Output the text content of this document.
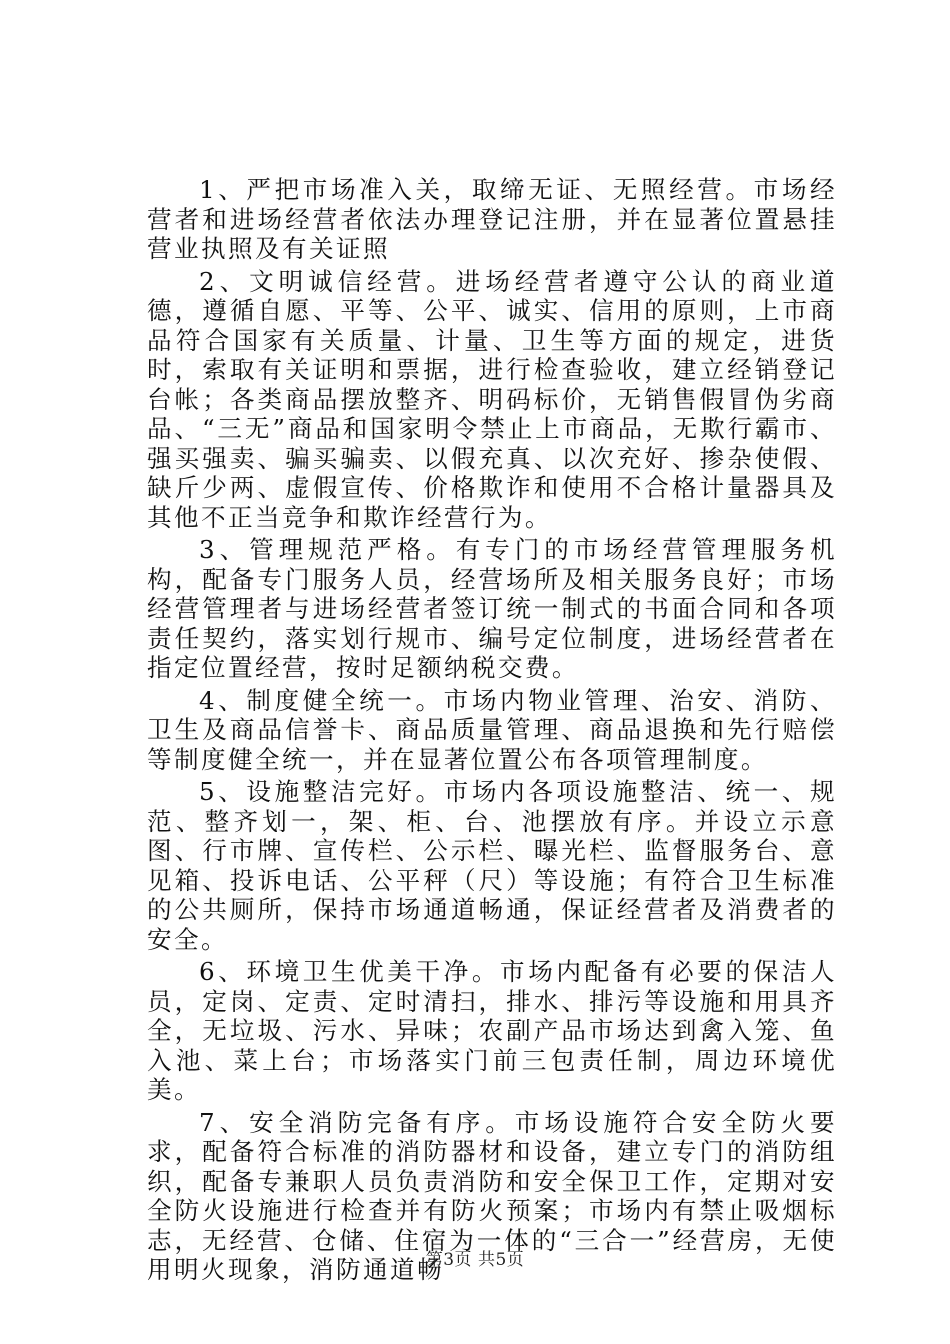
1、严把市场准入关，取缔无证、无照经营。市场经营者和进场经营者依法办理登记注册，并在显著位置悬挂营业执照及有关证照

2、文明诚信经营。进场经营者遵守公认的商业道德，遵循自愿、平等、公平、诚实、信用的原则，上市商品符合国家有关质量、计量、卫生等方面的规定，进货时，索取有关证明和票据，进行检查验收，建立经销登记台帐；各类商品摆放整齐、明码标价，无销售假冒伪劣商品、“三无”商品和国家明令禁止上市商品，无欺行霸市、强买强卖、骗买骗卖、以假充真、以次充好、掺杂使假、缺斤少两、虚假宣传、价格欺诈和使用不合格计量器具及其他不正当竞争和欺诈经营行为。

3、管理规范严格。有专门的市场经营管理服务机构，配备专门服务人员，经营场所及相关服务良好；市场经营管理者与进场经营者签订统一制式的书面合同和各项责任契约，落实划行规市、编号定位制度，进场经营者在指定位置经营，按时足额纳税交费。

4、制度健全统一。市场内物业管理、治安、消防、卫生及商品信誉卡、商品质量管理、商品退换和先行赔偿等制度健全统一，并在显著位置公布各项管理制度。

5、设施整洁完好。市场内各项设施整洁、统一、规范、整齐划一，架、柜、台、池摆放有序。并设立示意图、行市牌、宣传栏、公示栏、曝光栏、监督服务台、意见箱、投诉电话、公平秤（尺）等设施；有符合卫生标准的公共厕所，保持市场通道畅通，保证经营者及消费者的安全。

6、环境卫生优美干净。市场内配备有必要的保洁人员，定岗、定责、定时清扫，排水、排污等设施和用具齐全，无垃圾、污水、异味；农副产品市场达到禽入笼、鱼入池、菜上台；市场落实门前三包责任制，周边环境优美。

7、安全消防完备有序。市场设施符合安全防火要求，配备符合标准的消防器材和设备，建立专门的消防组织，配备专兼职人员负责消防和安全保卫工作，定期对安全防火设施进行检查并有防火预案；市场内有禁止吸烟标志，无经营、仓储、住宿为一体的“三合一”经营房，无使用明火现象，消防通道畅

第3页 共5页
